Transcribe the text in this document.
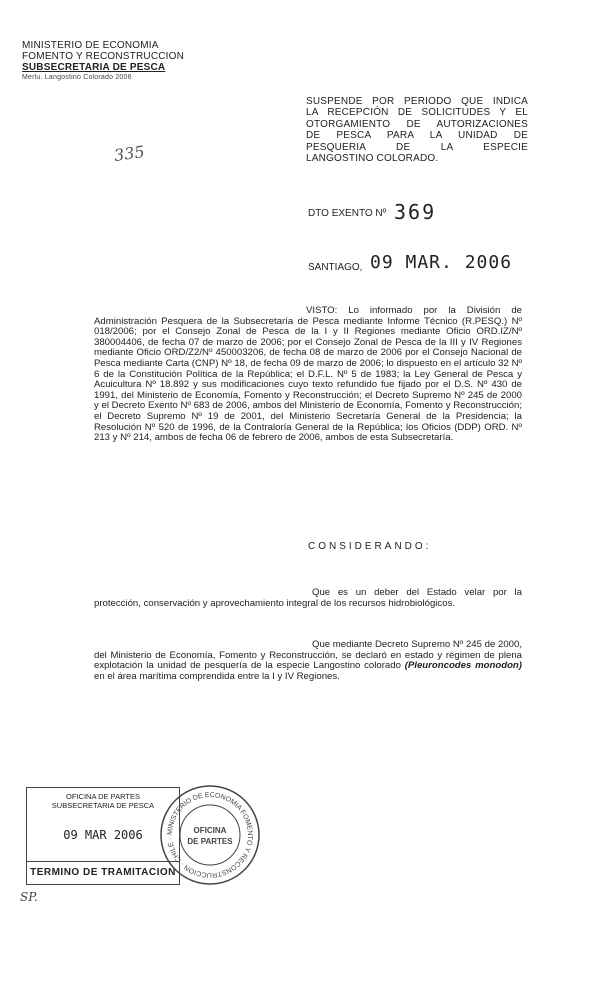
MINISTERIO DE ECONOMIA
FOMENTO Y RECONSTRUCCION
SUBSECRETARIA DE PESCA
Merlu. Langostino Colorado 2006
SUSPENDE POR PERIODO QUE INDICA
LA RECEPCIÓN DE SOLICITUDES Y EL
OTORGAMIENTO DE AUTORIZACIONES
DE PESCA PARA LA UNIDAD DE
PESQUERIA DE LA ESPECIE
LANGOSTINO COLORADO.
335
DTO EXENTO Nº 369
SANTIAGO, 09 MAR. 2006
VISTO: Lo informado por la División de Administración Pesquera de la Subsecretaría de Pesca mediante Informe Técnico (R.PESQ.) Nº 018/2006; por el Consejo Zonal de Pesca de la I y II Regiones mediante Oficio ORD.IZ/Nº 380004406, de fecha 07 de marzo de 2006; por el Consejo Zonal de Pesca de la III y IV Regiones mediante Oficio ORD/Z2/Nº 450003206, de fecha 08 de marzo de 2006 por el Consejo Nacional de Pesca mediante Carta (CNP) Nº 18, de fecha 09 de marzo de 2006; lo dispuesto en el artículo 32 Nº 6 de la Constitución Política de la República; el D.F.L. Nº 5 de 1983; la Ley General de Pesca y Acuicultura Nº 18.892 y sus modificaciones cuyo texto refundido fue fijado por el D.S. Nº 430 de 1991, del Ministerio de Economía, Fomento y Reconstrucción; el Decreto Supremo Nº 245 de 2000 y el Decreto Exento Nº 683 de 2006, ambos del Ministerio de Economía, Fomento y Reconstrucción; el Decreto Supremo Nº 19 de 2001, del Ministerio Secretaría General de la Presidencia; la Resolución Nº 520 de 1996, de la Contraloría General de la República; los Oficios (DDP) ORD. Nº 213 y Nº 214, ambos de fecha 06 de febrero de 2006, ambos de esta Subsecretaría.
CONSIDERANDO:
Que es un deber del Estado velar por la protección, conservación y aprovechamiento integral de los recursos hidrobiológicos.
Que mediante Decreto Supremo Nº 245 de 2000, del Ministerio de Economía, Fomento y Reconstrucción, se declaró en estado y régimen de plena explotación la unidad de pesquería de la especie Langostino colorado (Pleuroncodes monodon) en el área marítima comprendida entre la I y IV Regiones.
OFICINA DE PARTES
SUBSECRETARIA DE PESCA
09 MAR 2006
TERMINO DE TRAMITACION
MINISTERIO DE ECONOMIA FOMENTO Y RECONSTRUCCION · CHILE ·
OFICINA
DE PARTES
SP.
